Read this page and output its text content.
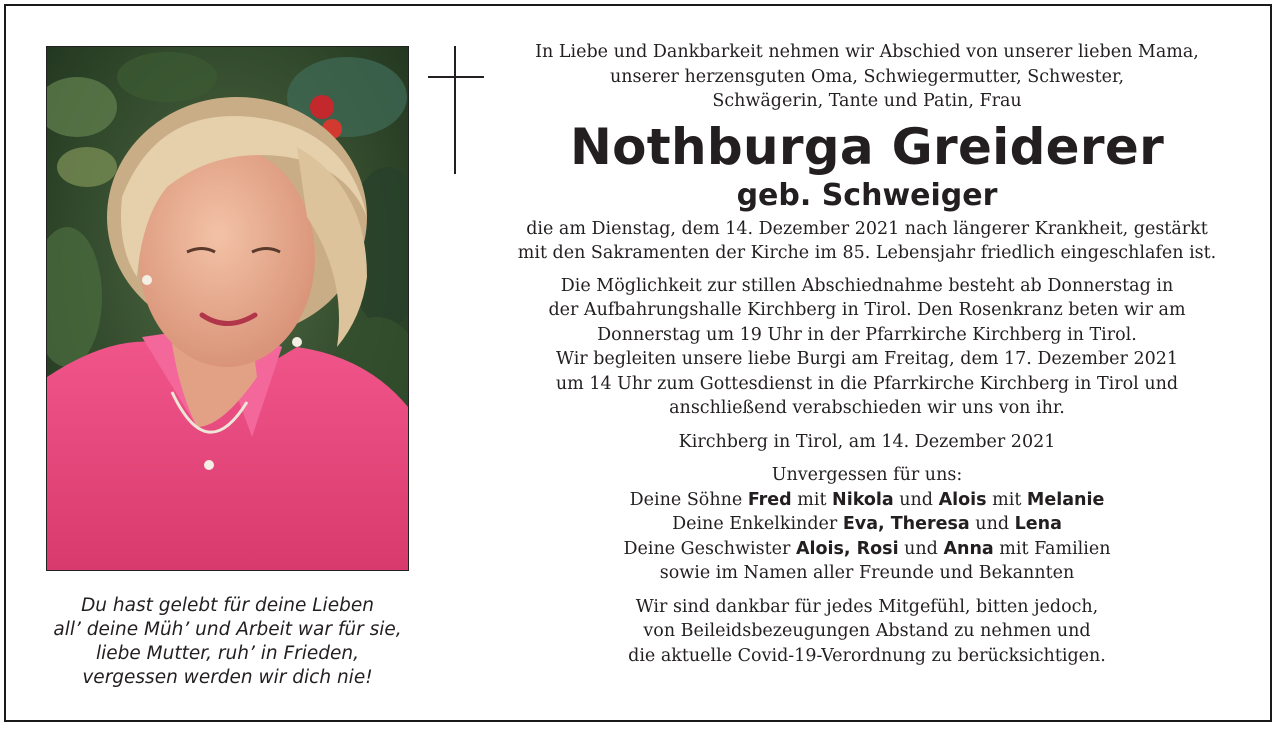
Du hast gelebt für deine Lieben
all’ deine Müh’ und Arbeit war für sie,
liebe Mutter, ruh’ in Frieden,
vergessen werden wir dich nie!
In Liebe und Dankbarkeit nehmen wir Abschied von unserer lieben Mama,
unserer herzensguten Oma, Schwiegermutter, Schwester,
Schwägerin, Tante und Patin, Frau
Nothburga Greiderer
geb. Schweiger
die am Dienstag, dem 14. Dezember 2021 nach längerer Krankheit, gestärkt
mit den Sakramenten der Kirche im 85. Lebensjahr friedlich eingeschlafen ist.
Die Möglichkeit zur stillen Abschiednahme besteht ab Donnerstag in
der Aufbahrungshalle Kirchberg in Tirol. Den Rosenkranz beten wir am
Donnerstag um 19 Uhr in der Pfarrkirche Kirchberg in Tirol.
Wir begleiten unsere liebe Burgi am Freitag, dem 17. Dezember 2021
um 14 Uhr zum Gottesdienst in die Pfarrkirche Kirchberg in Tirol und
anschließend verabschieden wir uns von ihr.
Kirchberg in Tirol, am 14. Dezember 2021
Unvergessen für uns:
Deine Söhne Fred mit Nikola und Alois mit Melanie
Deine Enkelkinder Eva, Theresa und Lena
Deine Geschwister Alois, Rosi und Anna mit Familien
sowie im Namen aller Freunde und Bekannten
Wir sind dankbar für jedes Mitgefühl, bitten jedoch,
von Beileidsbezeugungen Abstand zu nehmen und
die aktuelle Covid-19-Verordnung zu berücksichtigen.
